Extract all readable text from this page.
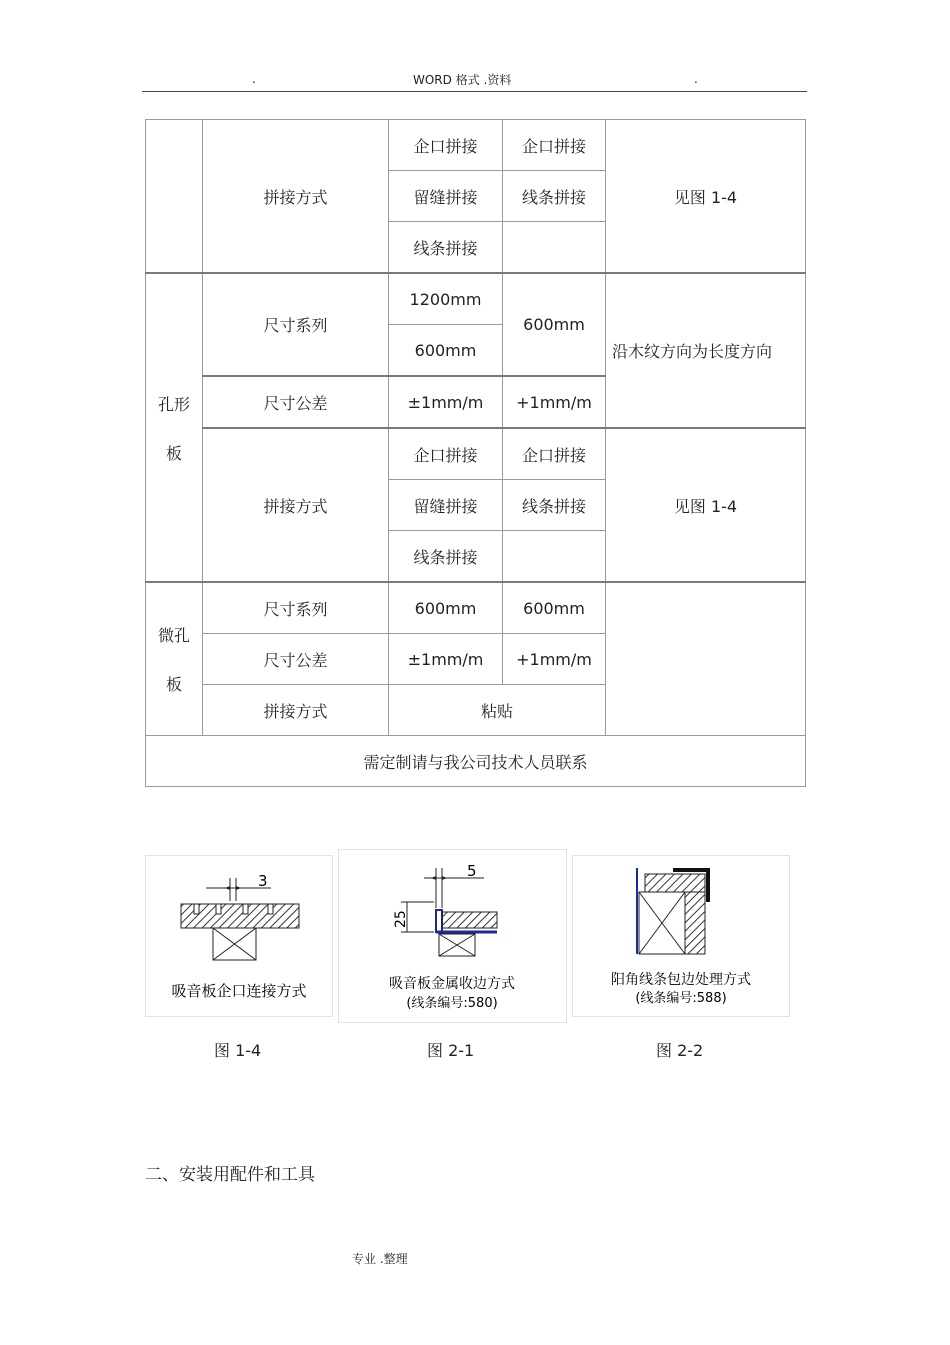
.	WORD 格式 .资料	.
	拼接方式	企口拼接	企口拼接	见图 1-4
		留缝拼接	线条拼接	
		线条拼接		

孔形
板	尺寸系列	1200mm	600mm	沿木纹方向为长度方向
		600mm		
	尺寸公差	±1mm/m	+1mm/m	
	拼接方式	企口拼接	企口拼接	见图 1-4
		留缝拼接	线条拼接	
		线条拼接		

微孔
板	尺寸系列	600mm	600mm	
	尺寸公差	±1mm/m	+1mm/m	
	拼接方式	粘贴		
需定制请与我公司技术人员联系				
3
吸音板企口连接方式
5
25
吸音板金属收边方式
(线条编号:580)
阳角线条包边处理方式
(线条编号:588)
图 1-4	图 2-1	图 2-2
二、安装用配件和工具
专业 .整理
